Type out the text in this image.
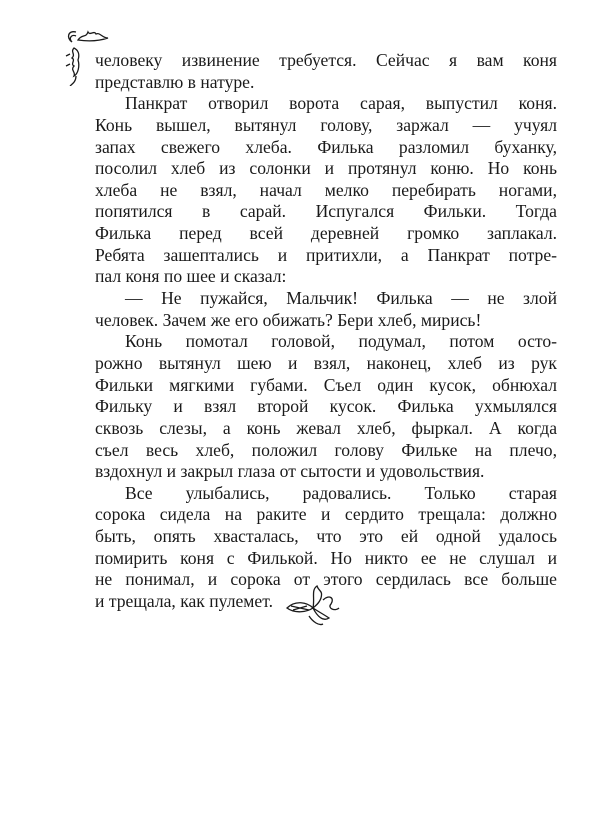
человеку извинение требуется. Сейчас я вам коня
представлю в натуре.
Панкрат отворил ворота сарая, выпустил коня.
Конь вышел, вытянул голову, заржал — учуял
запах свежего хлеба. Филька разломил буханку,
посолил хлеб из солонки и протянул коню. Но конь
хлеба не взял, начал мелко перебирать ногами,
попятился в сарай. Испугался Фильки. Тогда
Филька перед всей деревней громко заплакал.
Ребята зашептались и притихли, а Панкрат потре-
пал коня по шее и сказал:
— Не пужайся, Мальчик! Филька — не злой
человек. Зачем же его обижать? Бери хлеб, мирись!
Конь помотал головой, подумал, потом осто-
рожно вытянул шею и взял, наконец, хлеб из рук
Фильки мягкими губами. Съел один кусок, обнюхал
Фильку и взял второй кусок. Филька ухмылялся
сквозь слезы, а конь жевал хлеб, фыркал. А когда
съел весь хлеб, положил голову Фильке на плечо,
вздохнул и закрыл глаза от сытости и удовольствия.
Все улыбались, радовались. Только старая
сорока сидела на раките и сердито трещала: должно
быть, опять хвасталась, что это ей одной удалось
помирить коня с Филькой. Но никто ее не слушал и
не понимал, и сорока от этого сердилась все больше
и трещала, как пулемет.
